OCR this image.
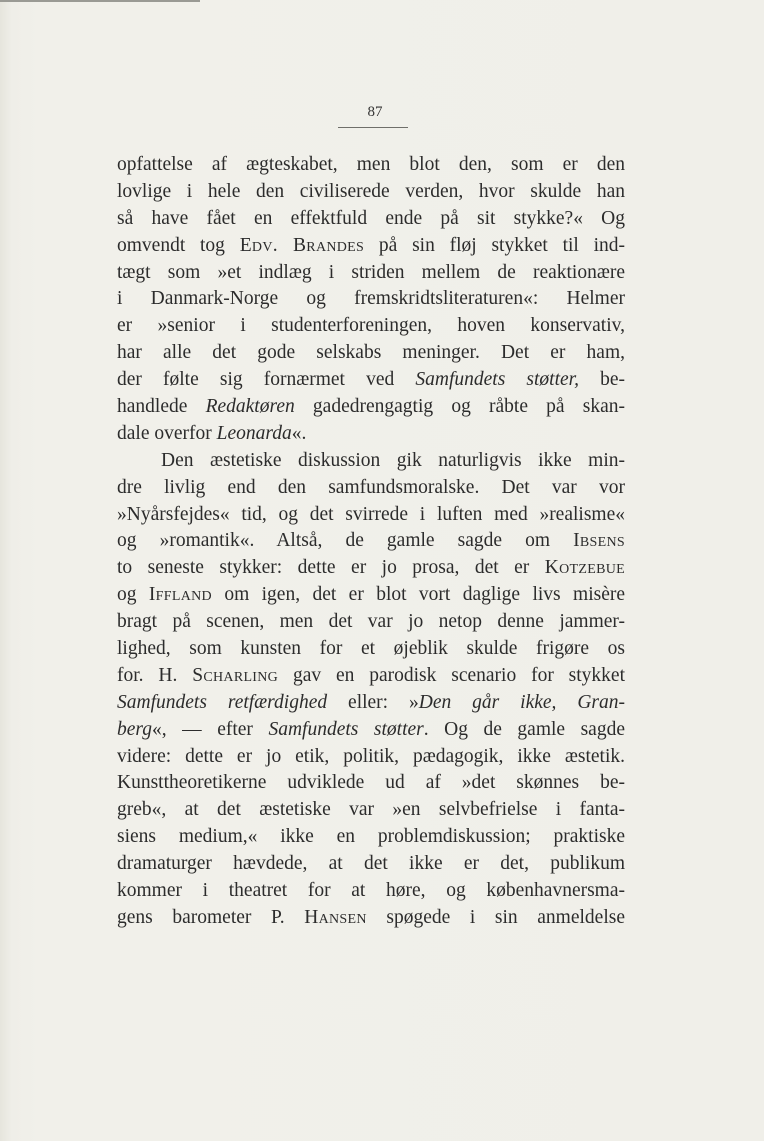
87
opfattelse af ægteskabet, men blot den, som er den
lovlige i hele den civiliserede verden, hvor skulde han
så have fået en effektfuld ende på sit stykke?« Og
omvendt tog Edv. Brandes på sin fløj stykket til ind-
tægt som »et indlæg i striden mellem de reaktionære
i Danmark-Norge og fremskridtsliteraturen«: Helmer
er »senior i studenterforeningen, hoven konservativ,
har alle det gode selskabs meninger. Det er ham,
der følte sig fornærmet ved Samfundets støtter, be-
handlede Redaktøren gadedrengagtig og råbte på skan-
dale overfor Leonarda«.
Den æstetiske diskussion gik naturligvis ikke min-
dre livlig end den samfundsmoralske. Det var vor
»Nyårsfejdes« tid, og det svirrede i luften med »realisme«
og »romantik«. Altså, de gamle sagde om Ibsens
to seneste stykker: dette er jo prosa, det er Kotzebue
og Iffland om igen, det er blot vort daglige livs misère
bragt på scenen, men det var jo netop denne jammer-
lighed, som kunsten for et øjeblik skulde frigøre os
for. H. Scharling gav en parodisk scenario for stykket
Samfundets retfærdighed eller: »Den går ikke, Gran-
berg«, — efter Samfundets støtter. Og de gamle sagde
videre: dette er jo etik, politik, pædagogik, ikke æstetik.
Kunsttheoretikerne udviklede ud af »det skønnes be-
greb«, at det æstetiske var »en selvbefrielse i fanta-
siens medium,« ikke en problemdiskussion; praktiske
dramaturger hævdede, at det ikke er det, publikum
kommer i theatret for at høre, og københavnersma-
gens barometer P. Hansen spøgede i sin anmeldelse
